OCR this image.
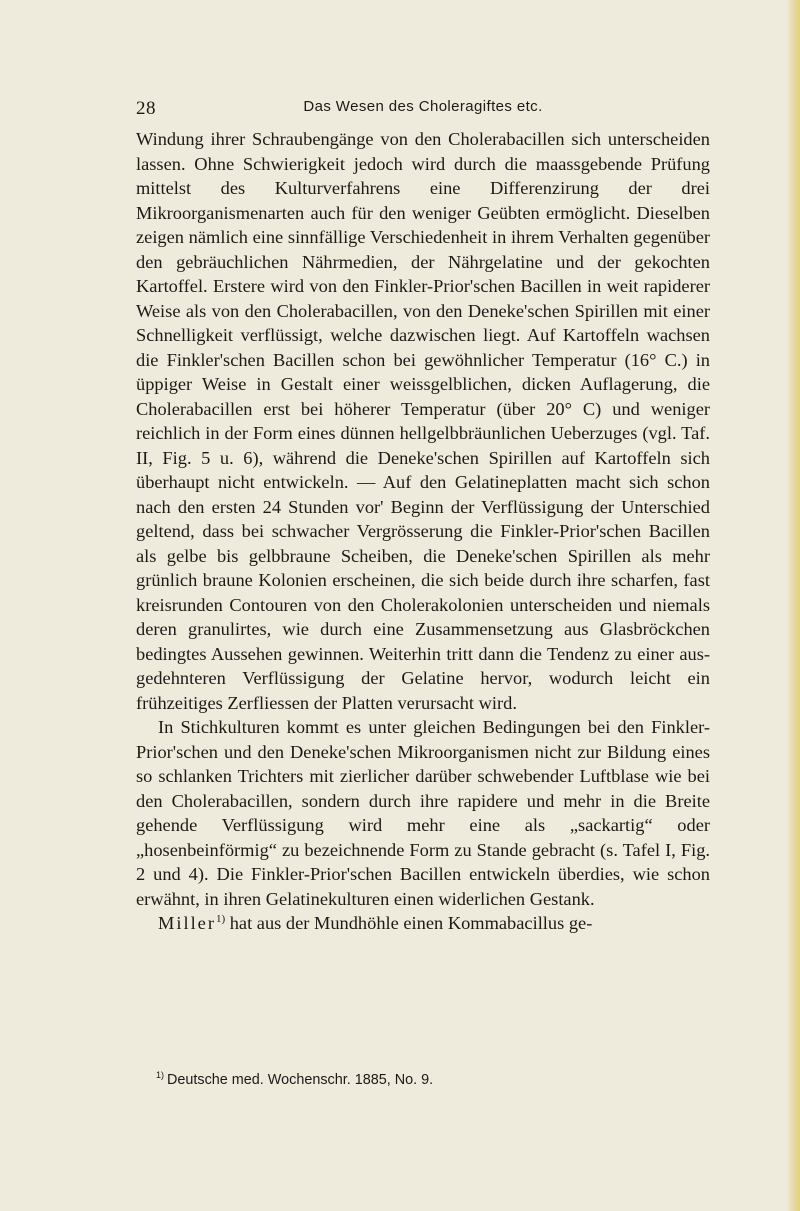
28	Das Wesen des Choleragiftes etc.

Windung ihrer Schraubengänge von den Cholerabacillen sich unterscheiden lassen. Ohne Schwierigkeit jedoch wird durch die maassgebende Prüfung mittelst des Kulturverfahrens eine Differenzirung der drei Mikroorganismenarten auch für den weniger Geübten ermöglicht. Dieselben zeigen nämlich eine sinnfällige Verschiedenheit in ihrem Verhalten gegenüber den gebräuchlichen Nährmedien, der Nährgelatine und der gekochten Kartoffel. Erstere wird von den Finkler-Prior'schen Bacillen in weit rapiderer Weise als von den Cholerabacillen, von den Deneke'schen Spirillen mit einer Schnelligkeit verflüssigt, welche dazwischen liegt. Auf Kartoffeln wachsen die Finkler'schen Bacillen schon bei gewöhnlicher Temperatur (16° C.) in üppiger Weise in Gestalt einer weissgelblichen, dicken Auflagerung, die Cholerabacillen erst bei höherer Temperatur (über 20° C) und weniger reichlich in der Form eines dünnen hellgelbbräunlichen Ueberzuges (vgl. Taf. II, Fig. 5 u. 6), während die Deneke'schen Spirillen auf Kartoffeln sich überhaupt nicht entwickeln. — Auf den Gelatineplatten macht sich schon nach den ersten 24 Stunden vor' Beginn der Verflüssigung der Unterschied geltend, dass bei schwacher Vergrösserung die Finkler-Prior'schen Bacillen als gelbe bis gelbbraune Scheiben, die Deneke'schen Spirillen als mehr grünlich braune Kolonien erscheinen, die sich beide durch ihre scharfen, fast kreisrunden Contouren von den Cholerakolonien unterscheiden und niemals deren granulirtes, wie durch eine Zusammensetzung aus Glasbröckchen bedingtes Aussehen gewinnen. Weiterhin tritt dann die Tendenz zu einer ausgedehnteren Verflüssigung der Gelatine hervor, wodurch leicht ein frühzeitiges Zerfliessen der Platten verursacht wird.

In Stichkulturen kommt es unter gleichen Bedingungen bei den Finkler-Prior'schen und den Deneke'schen Mikroorganismen nicht zur Bildung eines so schlanken Trichters mit zierlicher darüber schwebender Luftblase wie bei den Cholerabacillen, sondern durch ihre rapidere und mehr in die Breite gehende Verflüssigung wird mehr eine als „sackartig“ oder „hosenbeinförmig“ zu bezeichnende Form zu Stande gebracht (s. Tafel I, Fig. 2 und 4). Die Finkler-Prior'schen Bacillen entwickeln überdies, wie schon erwähnt, in ihren Gelatinekulturen einen widerlichen Gestank.

Miller$^{1)}$ hat aus der Mundhöhle einen Kommabacillus ge-

$^{1)}$ Deutsche med. Wochenschr. 1885, No. 9.
